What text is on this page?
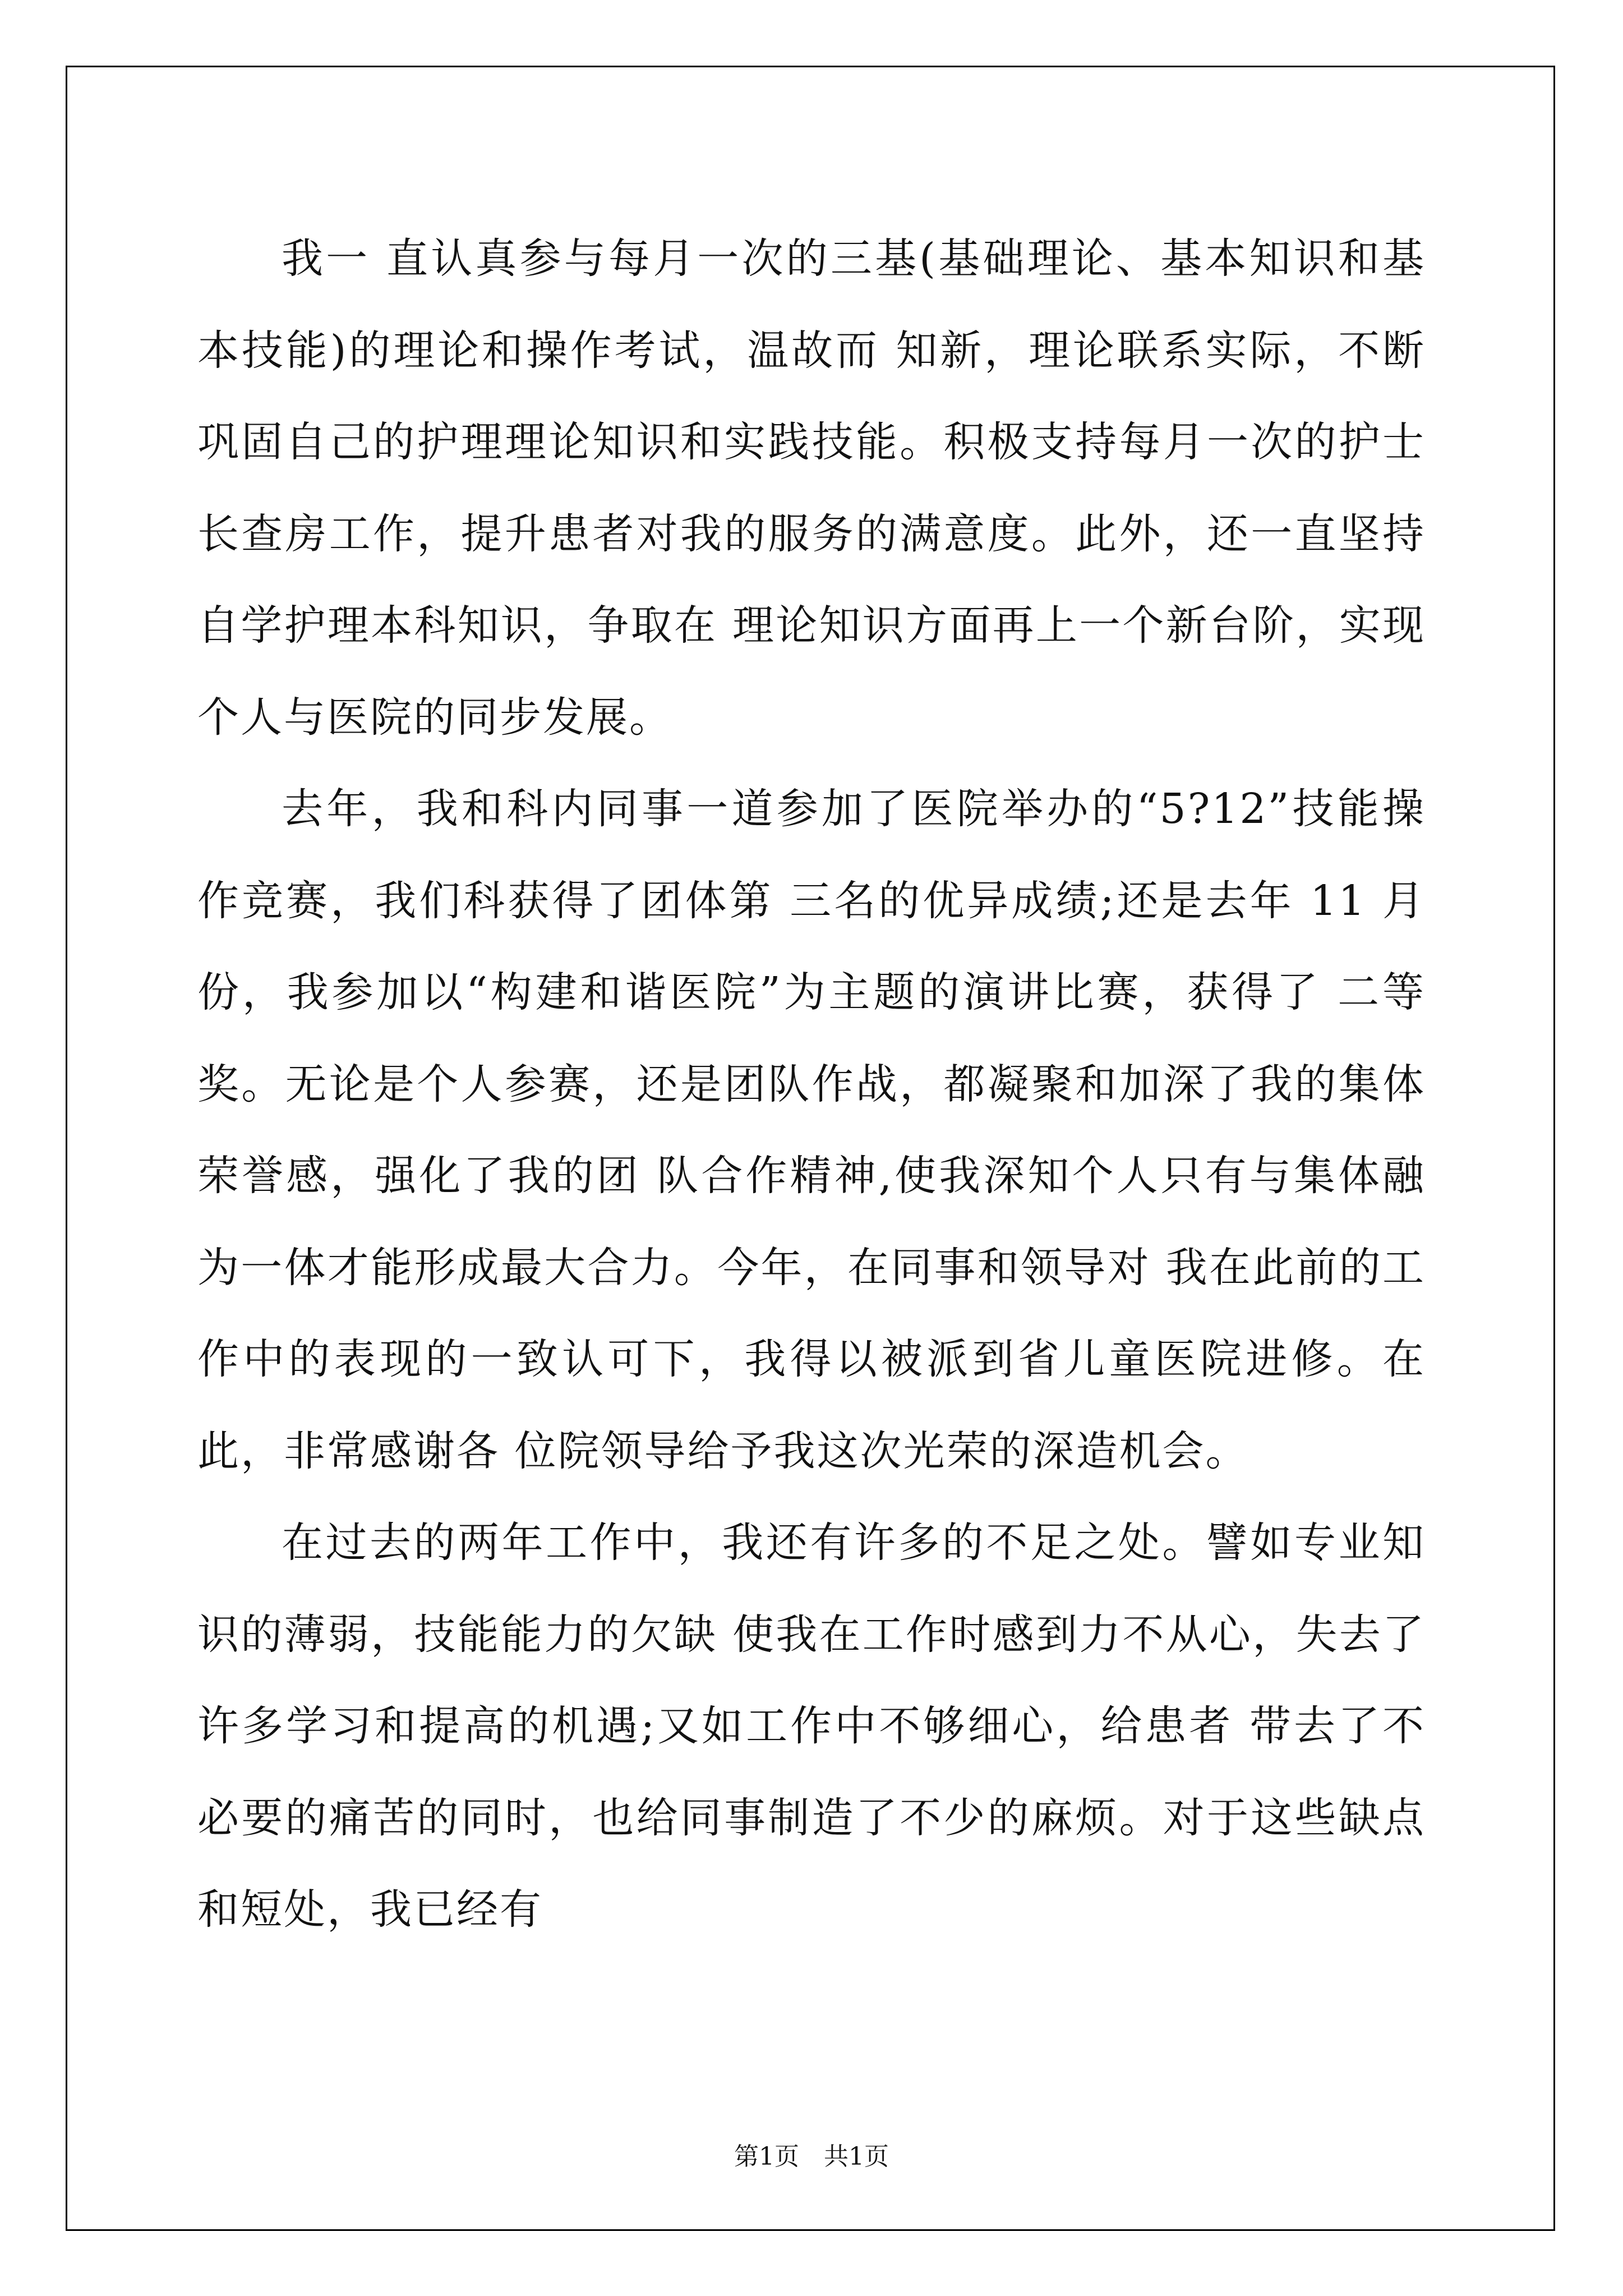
我一 直认真参与每月一次的三基(基础理论、基本知识和基本技能)的理论和操作考试，温故而 知新，理论联系实际，不断巩固自己的护理理论知识和实践技能。积极支持每月一次的护士 长查房工作，提升患者对我的服务的满意度。此外，还一直坚持自学护理本科知识，争取在 理论知识方面再上一个新台阶，实现个人与医院的同步发展。

去年，我和科内同事一道参加了医院举办的“5?12”技能操作竞赛，我们科获得了团体第 三名的优异成绩;还是去年 11 月份，我参加以“构建和谐医院”为主题的演讲比赛，获得了 二等奖。无论是个人参赛，还是团队作战，都凝聚和加深了我的集体荣誉感，强化了我的团 队合作精神,使我深知个人只有与集体融为一体才能形成最大合力。今年，在同事和领导对 我在此前的工作中的表现的一致认可下，我得以被派到省儿童医院进修。在此，非常感谢各 位院领导给予我这次光荣的深造机会。

在过去的两年工作中，我还有许多的不足之处。譬如专业知识的薄弱，技能能力的欠缺 使我在工作时感到力不从心，失去了许多学习和提高的机遇;又如工作中不够细心，给患者 带去了不必要的痛苦的同时，也给同事制造了不少的麻烦。对于这些缺点和短处，我已经有

第1页　共1页
